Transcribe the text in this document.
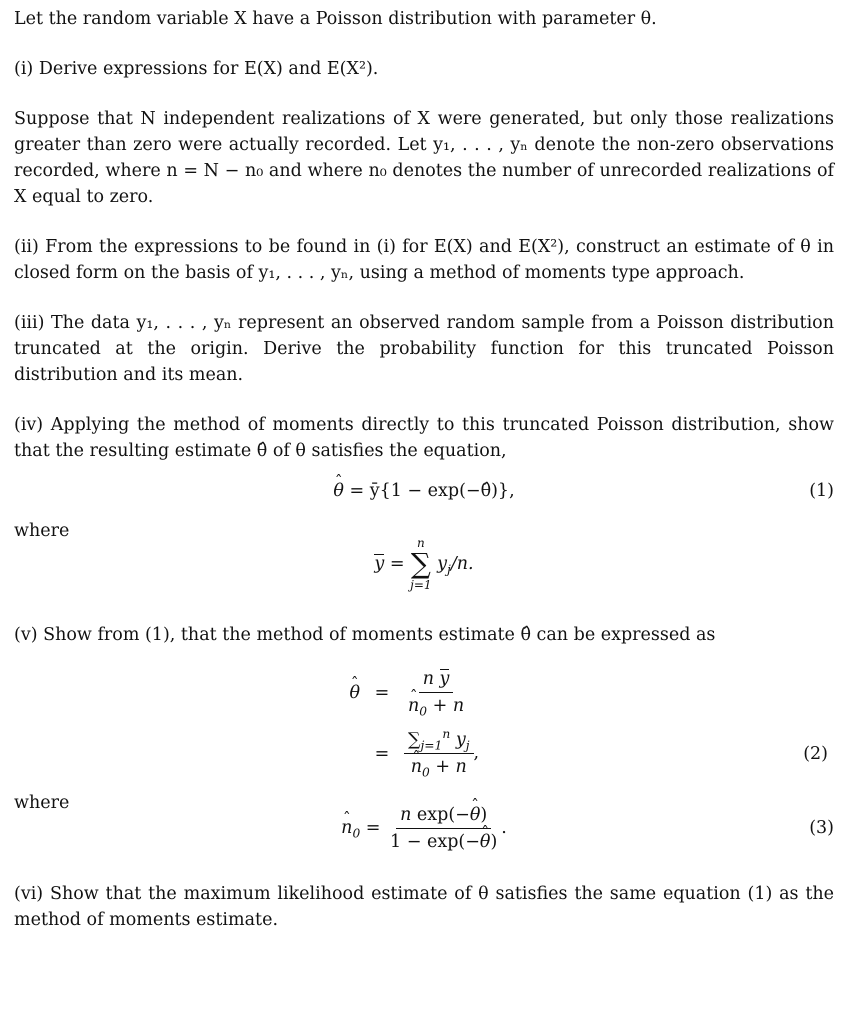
Let the random variable X have a Poisson distribution with parameter θ.

(i) Derive expressions for E(X) and E(X²).

Suppose that N independent realizations of X were generated, but only those realizations greater than zero were actually recorded. Let y₁, . . . , yₙ denote the non-zero observations recorded, where n = N − n₀ and where n₀ denotes the number of unrecorded realizations of X equal to zero.

(ii) From the expressions to be found in (i) for E(X) and E(X²), construct an estimate of θ in closed form on the basis of y₁, . . . , yₙ, using a method of moments type approach.

(iii) The data y₁, . . . , yₙ represent an observed random sample from a Poisson distribution truncated at the origin. Derive the probability function for this truncated Poisson distribution and its mean.

(iv) Applying the method of moments directly to this truncated Poisson distribution, show that the resulting estimate θ̂ of θ satisfies the equation,

ˆ θ = ȳ{1 − exp(−θ̂)},	(1)

where

y =
n
∑
j=1
$y_j/n$.

(v) Show from (1), that the method of moments estimate θ̂ can be expressed as

ˆ θ	=	n y
ˆ $n_0 + n$

	=	$\sum_{j=1}^n$ $y_j$
ˆ $n_0 + n$ ,	(2)

where

ˆ $n_0 = \frac{\text{n exp(−ˆ θ)}}{\text{1 − exp(−ˆ θ)}}$ .	(3)

(vi) Show that the maximum likelihood estimate of θ satisfies the same equation (1) as the method of moments estimate.
